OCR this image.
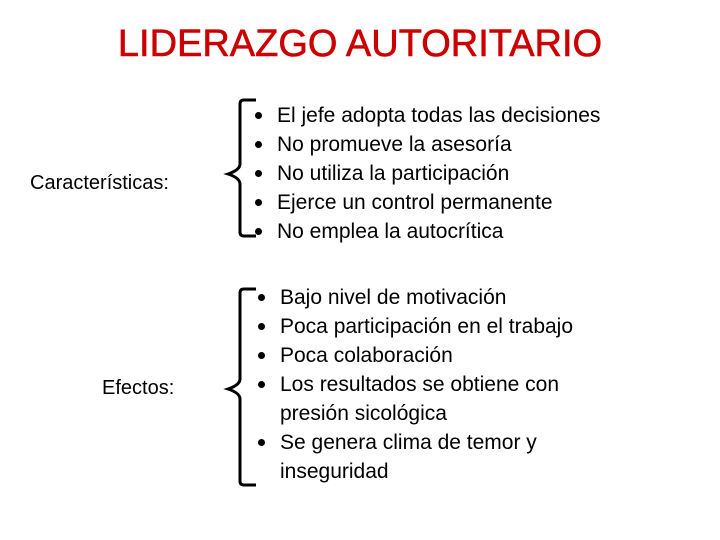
LIDERAZGO AUTORITARIO
Características:
El jefe adopta todas las decisiones
No promueve la asesoría
No utiliza la participación
Ejerce un control permanente
No emplea la autocrítica
Efectos:
Bajo nivel de motivación
Poca participación en el trabajo
Poca colaboración
Los resultados se obtiene con presión sicológica
Se genera clima de temor y inseguridad
